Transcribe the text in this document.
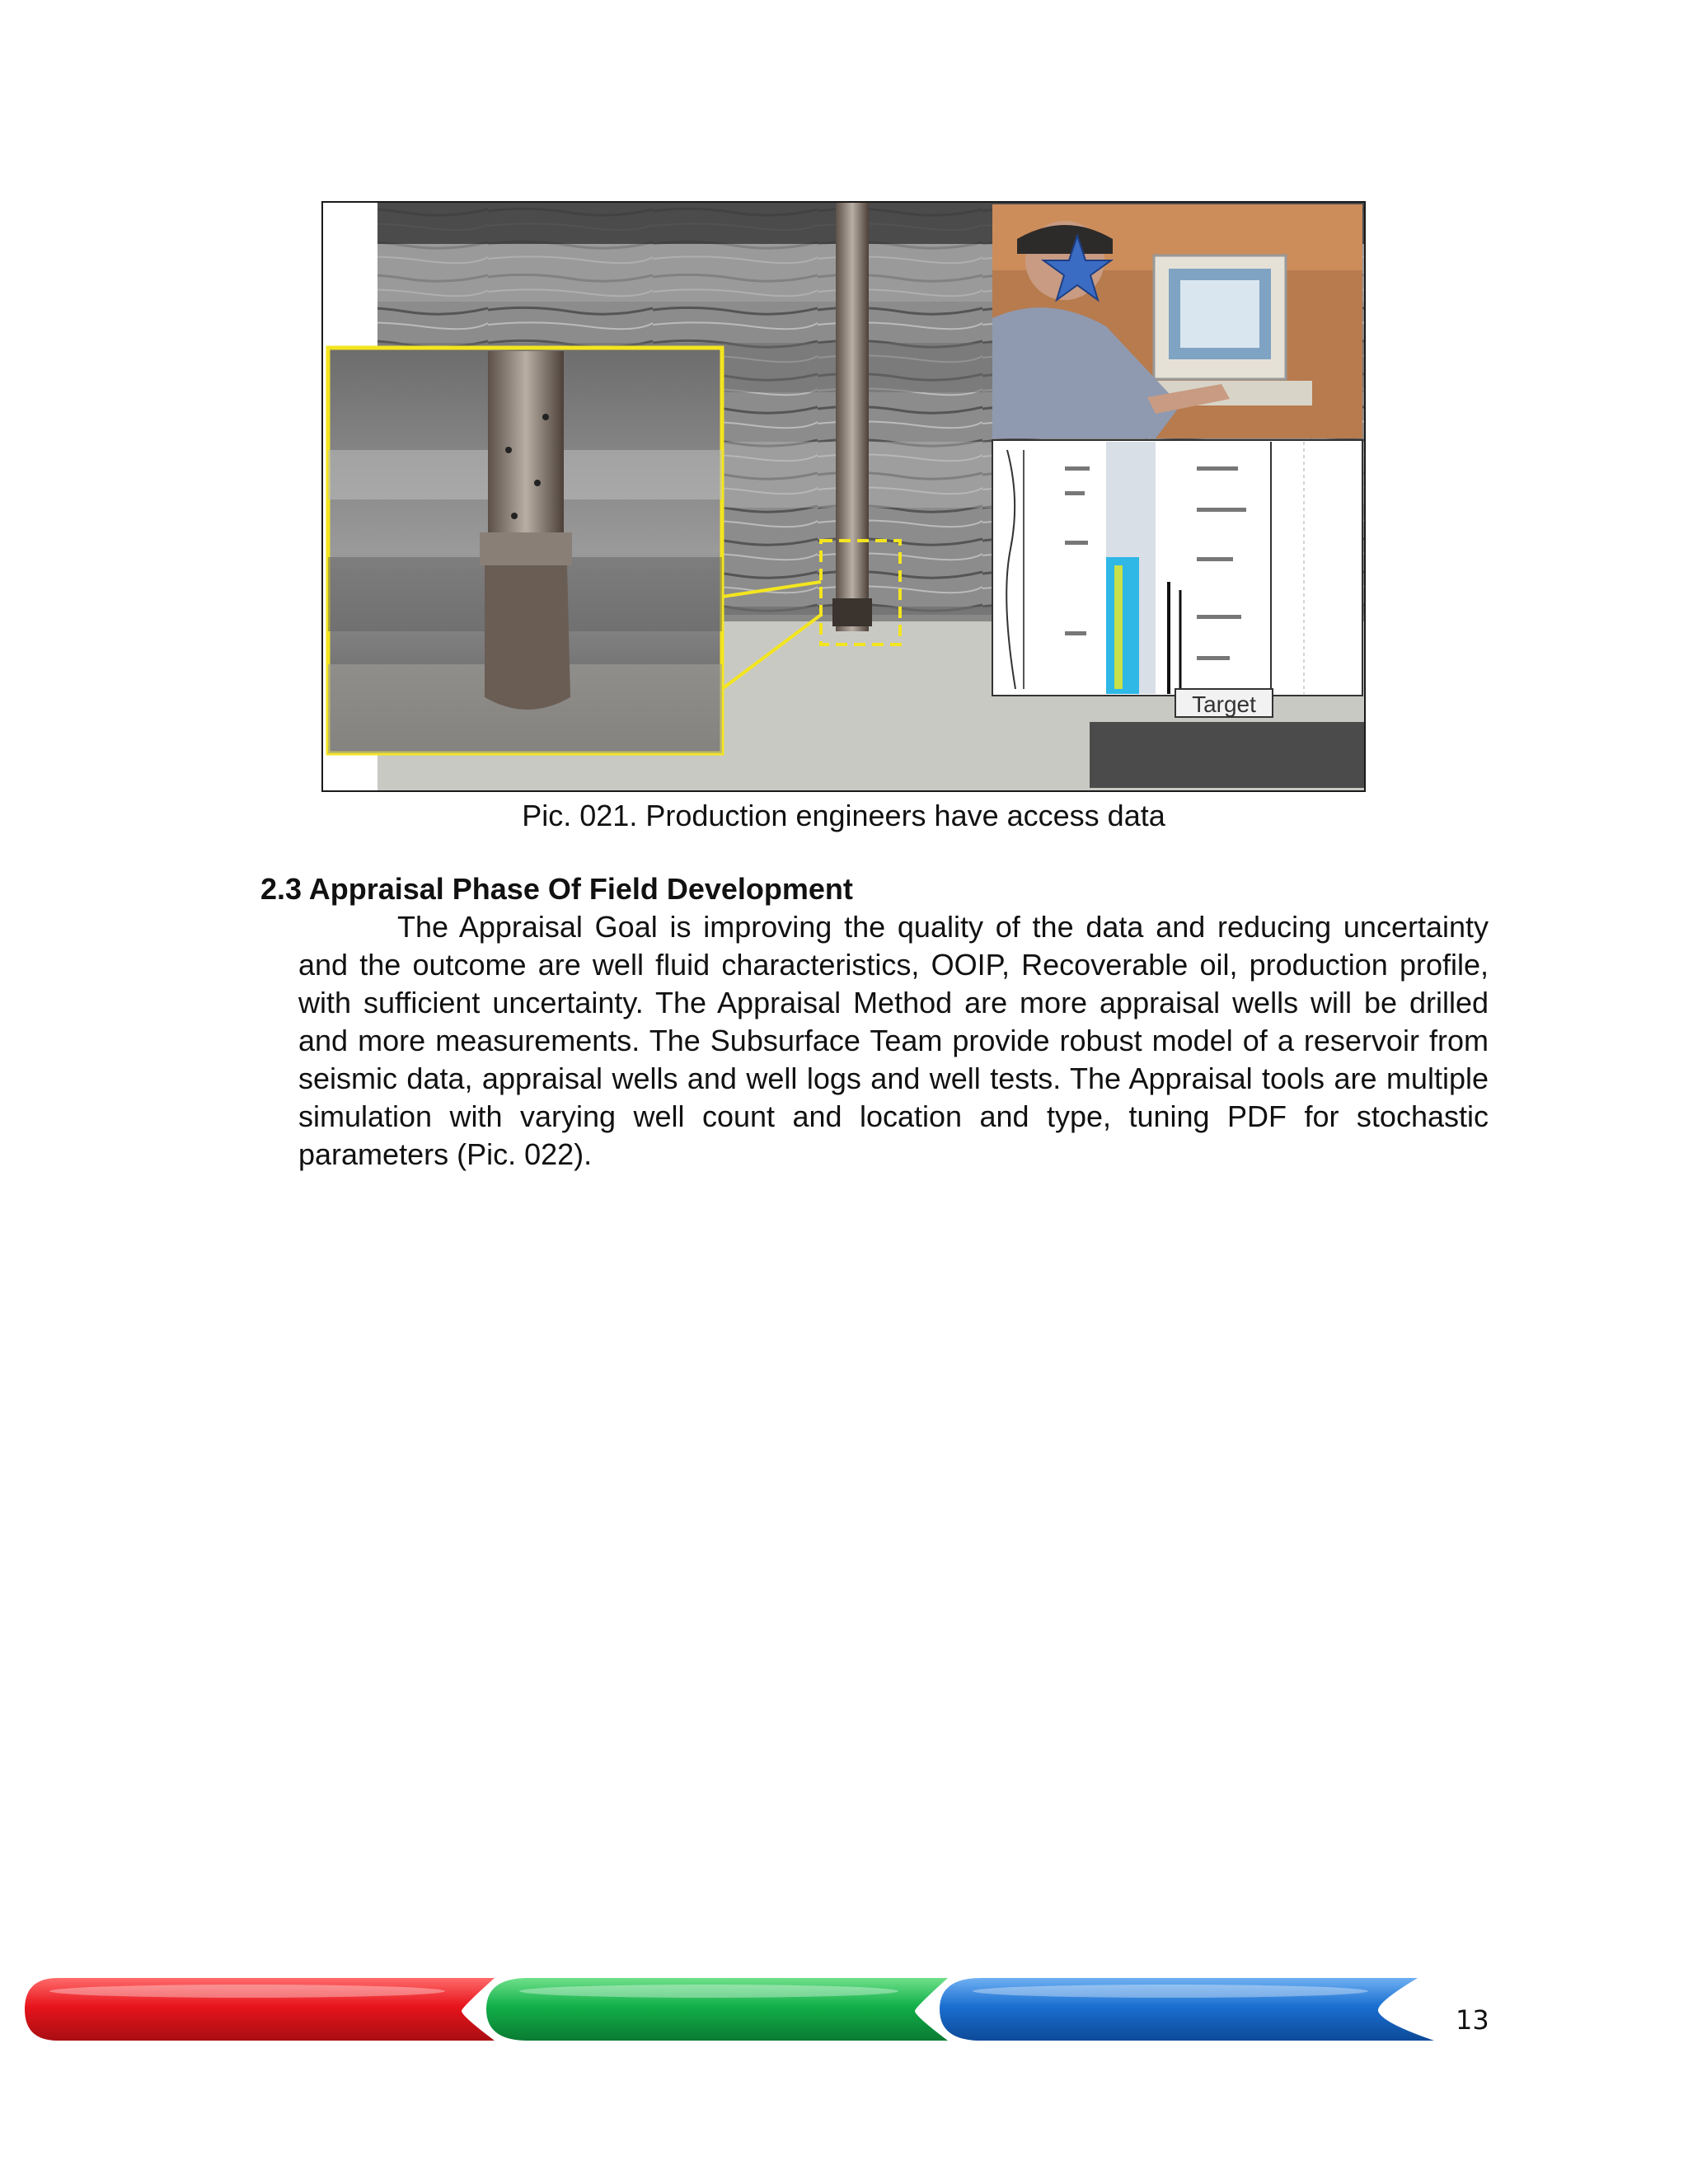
Target
Pic. 021. Production engineers have access data
2.3 Appraisal Phase Of Field Development
The Appraisal Goal is improving the quality of the data and reducing uncertainty and the outcome are well fluid characteristics, OOIP, Recoverable oil, production profile, with sufficient uncertainty. The Appraisal Method are more appraisal wells will be drilled and more measurements. The Subsurface Team provide robust model of a reservoir from seismic data, appraisal wells and well logs and well tests. The Appraisal tools are multiple simulation with varying well count and location and type, tuning PDF for stochastic parameters (Pic. 022).
13
